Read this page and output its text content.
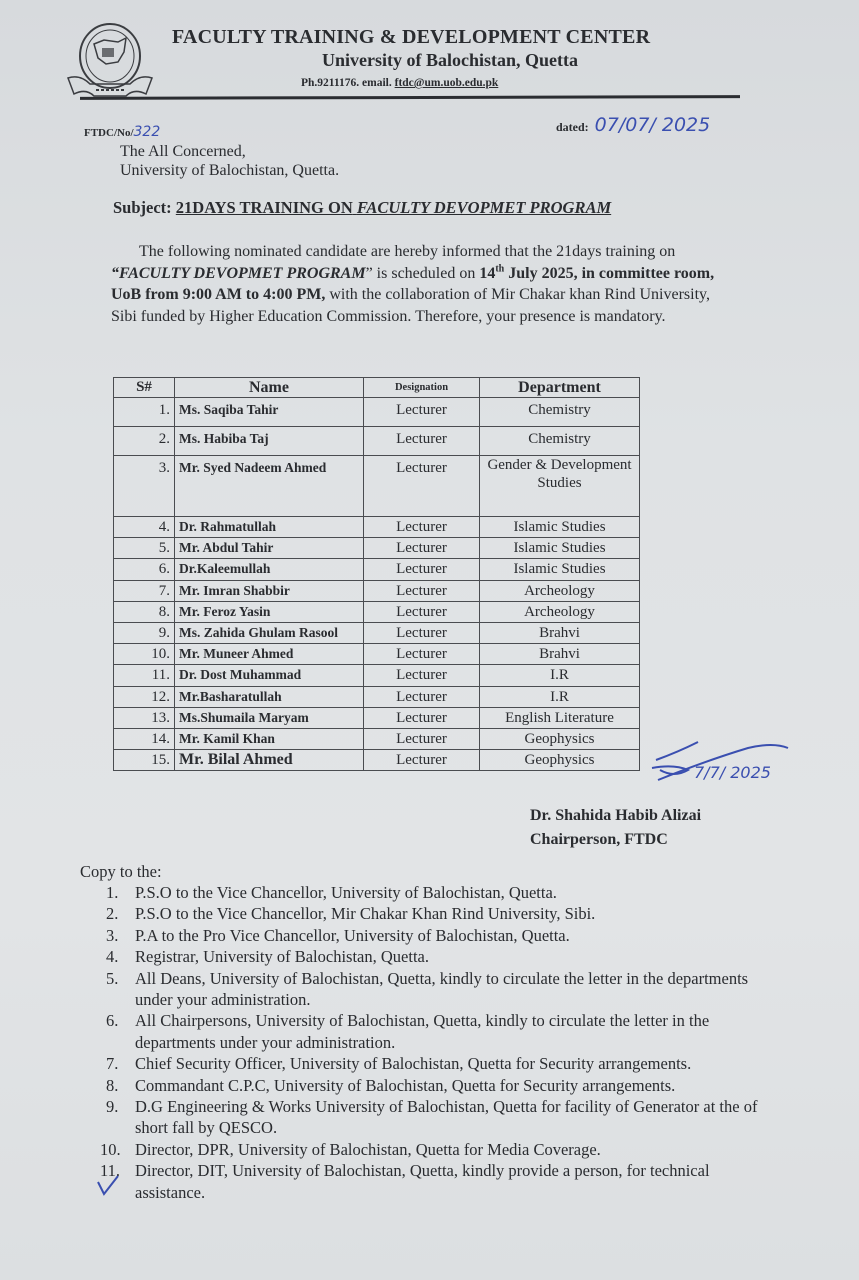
FACULTY TRAINING & DEVELOPMENT CENTER
University of Balochistan, Quetta
Ph.9211176. email. ftdc@um.uob.edu.pk
FTDC/No/322	dated: 07/07/ 2025
The All Concerned,
University of Balochistan, Quetta.
Subject: 21DAYS TRAINING ON FACULTY DEVOPMET PROGRAM
The following nominated candidate are hereby informed that the 21days training on “FACULTY DEVOPMET PROGRAM” is scheduled on 14th July 2025, in committee room, UoB from 9:00 AM to 4:00 PM, with the collaboration of Mir Chakar khan Rind University, Sibi funded by Higher Education Commission. Therefore, your presence is mandatory.
S#	Name	Designation	Department
1.	Ms. Saqiba Tahir	Lecturer	Chemistry
2.	Ms. Habiba Taj	Lecturer	Chemistry
3.	Mr. Syed Nadeem Ahmed	Lecturer	Gender & Development Studies
4.	Dr. Rahmatullah	Lecturer	Islamic Studies
5.	Mr. Abdul Tahir	Lecturer	Islamic Studies
6.	Dr.Kaleemullah	Lecturer	Islamic Studies
7.	Mr. Imran Shabbir	Lecturer	Archeology
8.	Mr. Feroz Yasin	Lecturer	Archeology
9.	Ms. Zahida Ghulam Rasool	Lecturer	Brahvi
10.	Mr. Muneer Ahmed	Lecturer	Brahvi
11.	Dr. Dost Muhammad	Lecturer	I.R
12.	Mr.Basharatullah	Lecturer	I.R
13.	Ms.Shumaila Maryam	Lecturer	English Literature
14.	Mr. Kamil Khan	Lecturer	Geophysics
15.	Mr. Bilal Ahmed	Lecturer	Geophysics
7/7/ 2025
Dr. Shahida Habib Alizai
Chairperson, FTDC
Copy to the:
1.	P.S.O to the Vice Chancellor, University of Balochistan, Quetta.
2.	P.S.O to the Vice Chancellor, Mir Chakar Khan Rind University, Sibi.
3.	P.A to the Pro Vice Chancellor, University of Balochistan, Quetta.
4.	Registrar, University of Balochistan, Quetta.
5.	All Deans, University of Balochistan, Quetta, kindly to circulate the letter in the departments under your administration.
6.	All Chairpersons, University of Balochistan, Quetta, kindly to circulate the letter in the departments under your administration.
7.	Chief Security Officer, University of Balochistan, Quetta for Security arrangements.
8.	Commandant C.P.C, University of Balochistan, Quetta for Security arrangements.
9.	D.G Engineering & Works University of Balochistan, Quetta for facility of Generator at the of short fall by QESCO.
10. Director, DPR, University of Balochistan, Quetta for Media Coverage.
11. Director, DIT, University of Balochistan, Quetta, kindly provide a person, for technical assistance.
